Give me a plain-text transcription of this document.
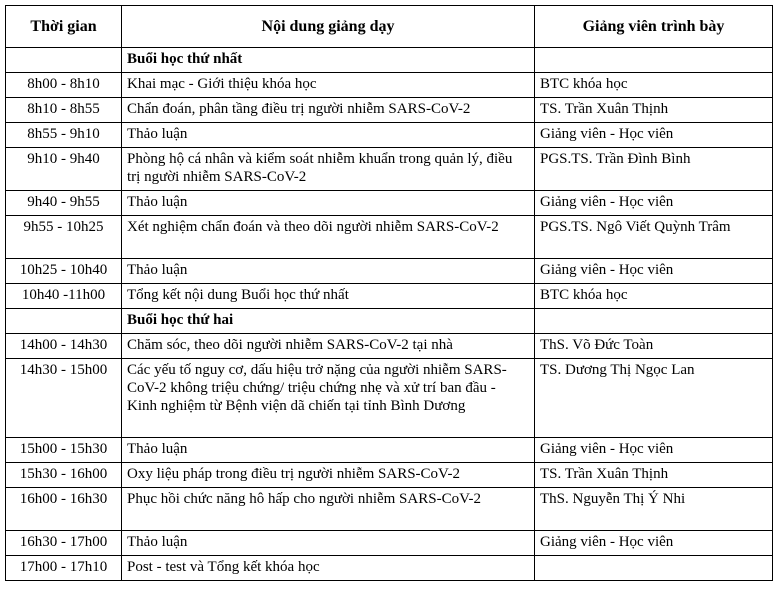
Thời gian	Nội dung giảng dạy	Giảng viên trình bày
	Buổi học thứ nhất	
8h00 - 8h10	Khai mạc - Giới thiệu khóa học	BTC khóa học
8h10 - 8h55	Chẩn đoán, phân tầng điều trị người nhiễm SARS-CoV-2	TS. Trần Xuân Thịnh
8h55 - 9h10	Thảo luận	Giảng viên - Học viên
9h10 - 9h40	Phòng hộ cá nhân và kiểm soát nhiễm khuẩn trong quản lý, điều trị người nhiễm SARS-CoV-2	PGS.TS. Trần Đình Bình
9h40 - 9h55	Thảo luận	Giảng viên - Học viên
9h55 - 10h25	Xét nghiệm chẩn đoán và theo dõi người nhiễm SARS-CoV-2	PGS.TS. Ngô Viết Quỳnh Trâm
10h25 - 10h40	Thảo luận	Giảng viên - Học viên
10h40 -11h00	Tổng kết nội dung Buổi học thứ nhất	BTC khóa học
	Buổi học thứ hai	
14h00 - 14h30	Chăm sóc, theo dõi người nhiễm SARS-CoV-2 tại nhà	ThS. Võ Đức Toàn
14h30 - 15h00	Các yếu tố nguy cơ, dấu hiệu trở nặng của người nhiễm SARS-CoV-2 không triệu chứng/ triệu chứng nhẹ và xử trí ban đầu - Kinh nghiệm từ Bệnh viện dã chiến tại tỉnh Bình Dương	TS. Dương Thị Ngọc Lan
15h00 - 15h30	Thảo luận	Giảng viên - Học viên
15h30 - 16h00	Oxy liệu pháp trong điều trị người nhiễm SARS-CoV-2	TS. Trần Xuân Thịnh
16h00 - 16h30	Phục hồi chức năng hô hấp cho người nhiễm SARS-CoV-2	ThS. Nguyễn Thị Ý Nhi
16h30 - 17h00	Thảo luận	Giảng viên - Học viên
17h00 - 17h10	Post - test và Tổng kết khóa học	
